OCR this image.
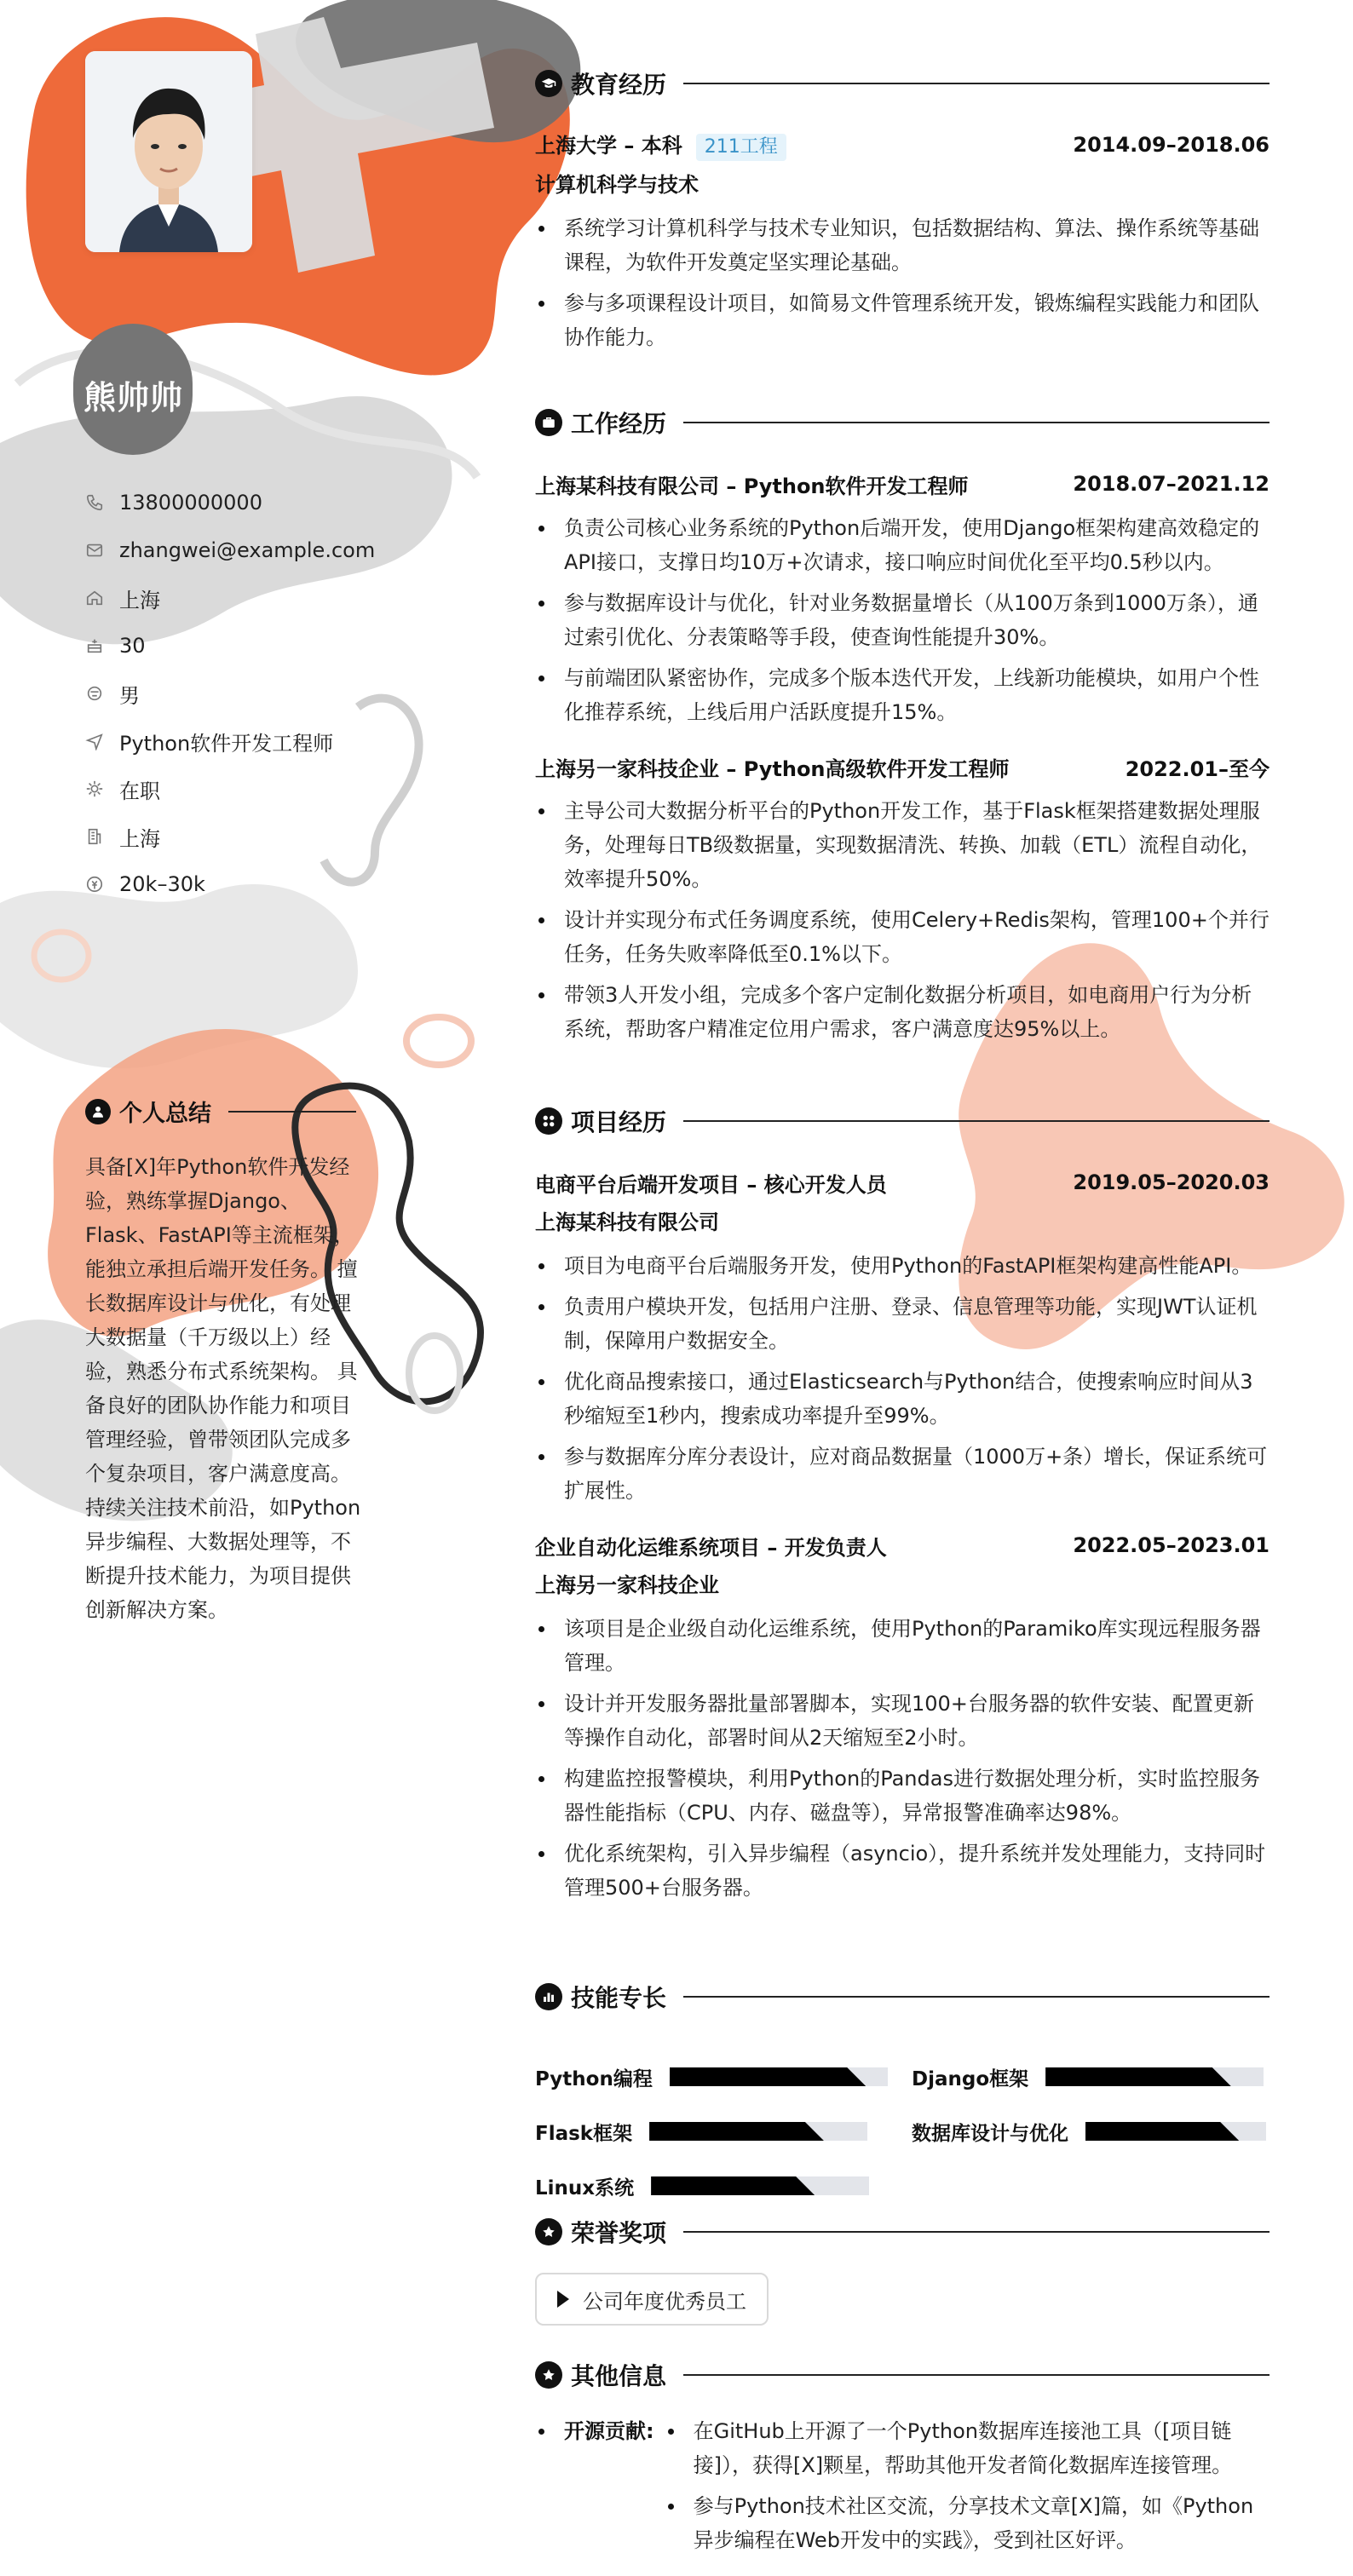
熊帅帅
13800000000
zhangwei@example.com
上海
30
男
Python软件开发工程师
在职
上海
20k–30k
个人总结

具备[X]年Python软件开发经验，熟练掌握Django、Flask、FastAPI等主流框架，能独立承担后端开发任务。 擅长数据库设计与优化，有处理大数据量（千万级以上）经验，熟悉分布式系统架构。 具备良好的团队协作能力和项目管理经验，曾带领团队完成多个复杂项目，客户满意度高。 持续关注技术前沿，如Python异步编程、大数据处理等，不断提升技术能力，为项目提供创新解决方案。

教育经历
上海大学 – 本科 211工程	2014.09–2018.06
计算机科学与技术
系统学习计算机科学与技术专业知识，包括数据结构、算法、操作系统等基础课程，为软件开发奠定坚实理论基础。
参与多项课程设计项目，如简易文件管理系统开发，锻炼编程实践能力和团队协作能力。
工作经历
上海某科技有限公司 – Python软件开发工程师	2018.07–2021.12
负责公司核心业务系统的Python后端开发，使用Django框架构建高效稳定的API接口，支撑日均10万+次请求，接口响应时间优化至平均0.5秒以内。
参与数据库设计与优化，针对业务数据量增长（从100万条到1000万条），通过索引优化、分表策略等手段，使查询性能提升30%。
与前端团队紧密协作，完成多个版本迭代开发，上线新功能模块，如用户个性化推荐系统，上线后用户活跃度提升15%。
上海另一家科技企业 – Python高级软件开发工程师	2022.01–至今
主导公司大数据分析平台的Python开发工作，基于Flask框架搭建数据处理服务，处理每日TB级数据量，实现数据清洗、转换、加载（ETL）流程自动化，效率提升50%。
设计并实现分布式任务调度系统，使用Celery+Redis架构，管理100+个并行任务，任务失败率降低至0.1%以下。
带领3人开发小组，完成多个客户定制化数据分析项目，如电商用户行为分析系统，帮助客户精准定位用户需求，客户满意度达95%以上。
项目经历
电商平台后端开发项目 – 核心开发人员	2019.05–2020.03
上海某科技有限公司
项目为电商平台后端服务开发，使用Python的FastAPI框架构建高性能API。
负责用户模块开发，包括用户注册、登录、信息管理等功能，实现JWT认证机制，保障用户数据安全。
优化商品搜索接口，通过Elasticsearch与Python结合，使搜索响应时间从3秒缩短至1秒内，搜索成功率提升至99%。
参与数据库分库分表设计，应对商品数据量（1000万+条）增长，保证系统可扩展性。
企业自动化运维系统项目 – 开发负责人	2022.05–2023.01
上海另一家科技企业
该项目是企业级自动化运维系统，使用Python的Paramiko库实现远程服务器管理。
设计并开发服务器批量部署脚本，实现100+台服务器的软件安装、配置更新等操作自动化，部署时间从2天缩短至2小时。
构建监控报警模块，利用Python的Pandas进行数据处理分析，实时监控服务器性能指标（CPU、内存、磁盘等），异常报警准确率达98%。
优化系统架构，引入异步编程（asyncio），提升系统并发处理能力，支持同时管理500+台服务器。
技能专长
Python编程	Django框架
Flask框架	数据库设计与优化
Linux系统
荣誉奖项
公司年度优秀员工
其他信息
开源贡献:	在GitHub上开源了一个Python数据库连接池工具（[项目链接]），获得[X]颗星，帮助其他开发者简化数据库连接管理。
参与Python技术社区交流，分享技术文章[X]篇，如《Python异步编程在Web开发中的实践》，受到社区好评。
